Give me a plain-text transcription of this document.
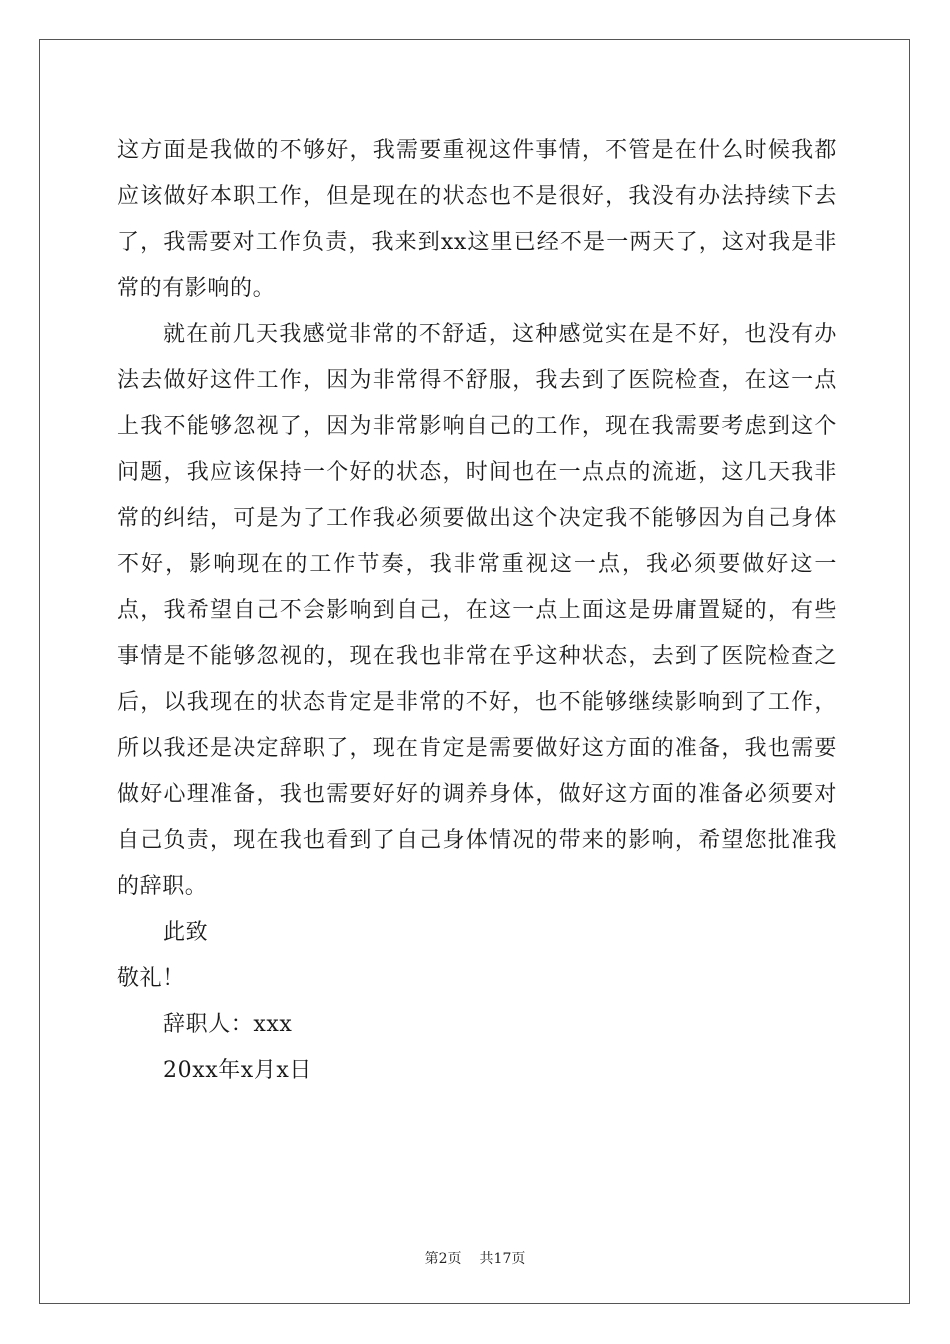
这方面是我做的不够好，我需要重视这件事情，不管是在什么时候我都应该做好本职工作，但是现在的状态也不是很好，我没有办法持续下去了，我需要对工作负责，我来到xx这里已经不是一两天了，这对我是非常的有影响的。

就在前几天我感觉非常的不舒适，这种感觉实在是不好，也没有办法去做好这件工作，因为非常得不舒服，我去到了医院检查，在这一点上我不能够忽视了，因为非常影响自己的工作，现在我需要考虑到这个问题，我应该保持一个好的状态，时间也在一点点的流逝，这几天我非常的纠结，可是为了工作我必须要做出这个决定我不能够因为自己身体不好，影响现在的工作节奏，我非常重视这一点，我必须要做好这一点，我希望自己不会影响到自己，在这一点上面这是毋庸置疑的，有些事情是不能够忽视的，现在我也非常在乎这种状态，去到了医院检查之后，以我现在的状态肯定是非常的不好，也不能够继续影响到了工作，所以我还是决定辞职了，现在肯定是需要做好这方面的准备，我也需要做好心理准备，我也需要好好的调养身体，做好这方面的准备必须要对自己负责，现在我也看到了自己身体情况的带来的影响，希望您批准我的辞职。

此致

敬礼！

辞职人：xxx

20xx年x月x日

第2页 共17页
